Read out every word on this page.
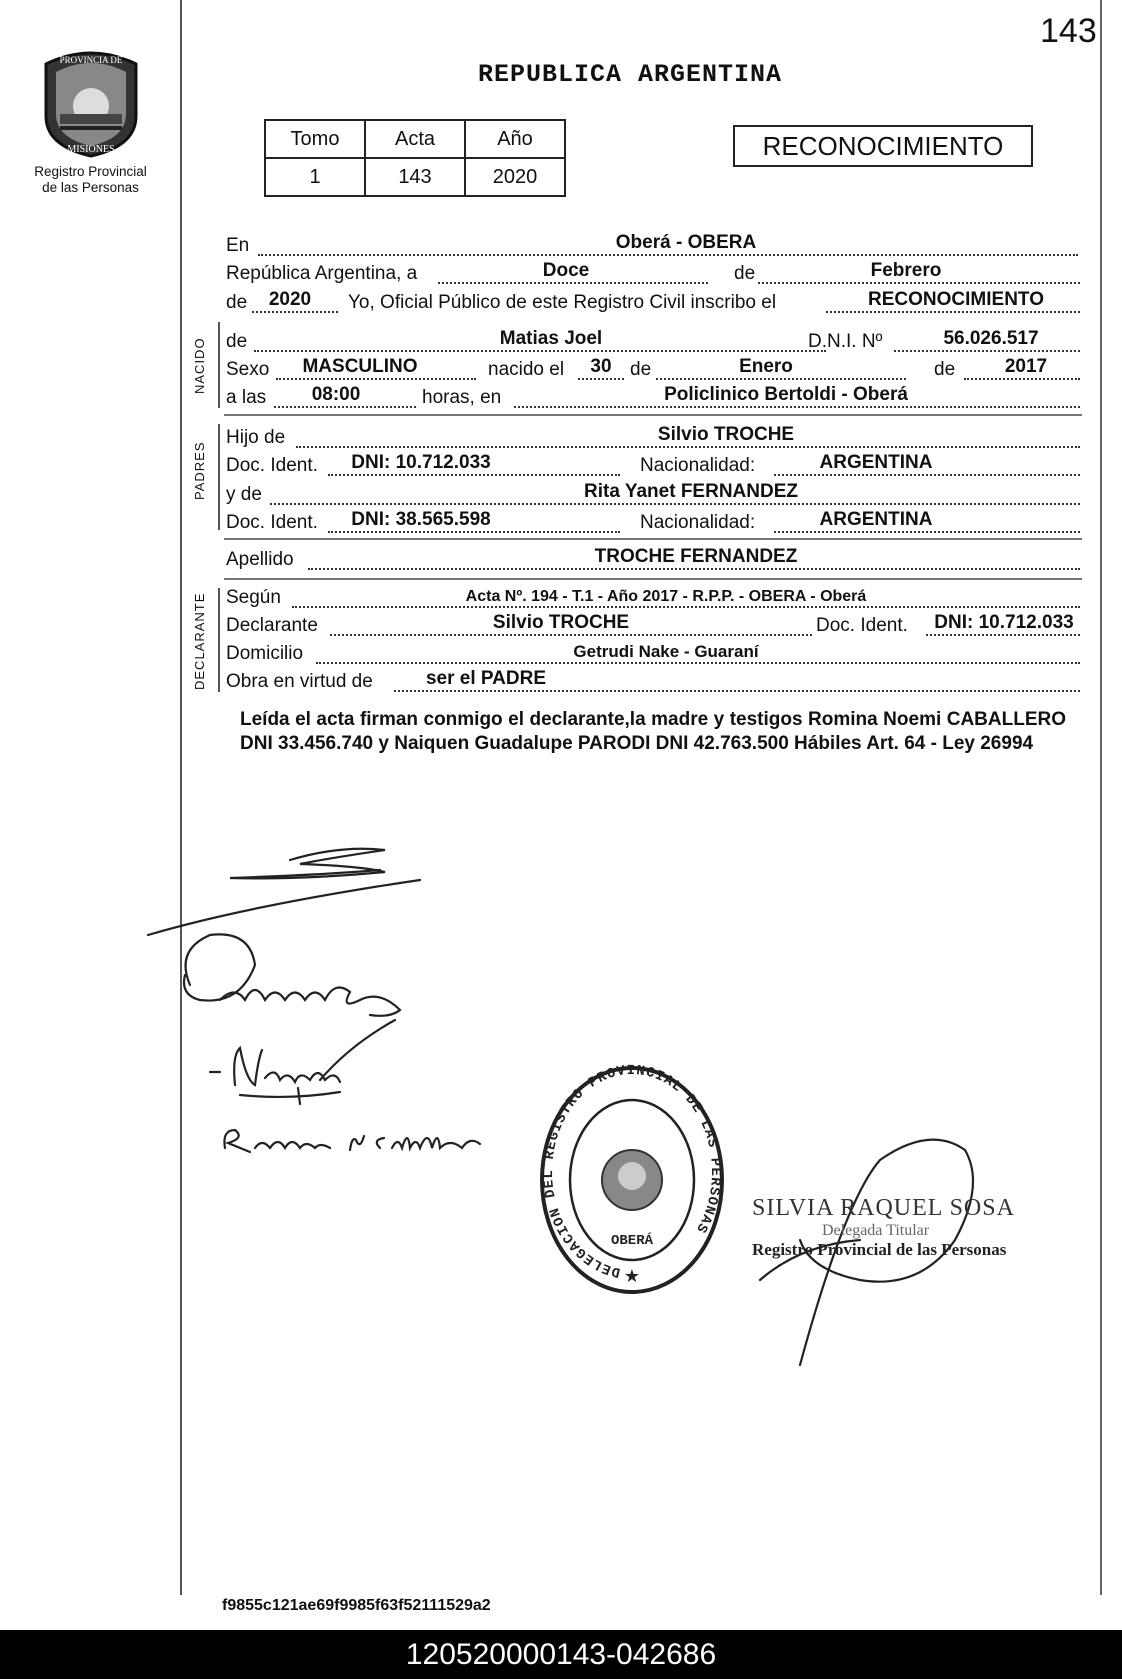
143
PROVINCIA DE
MISIONES
Registro Provincial
de las Personas
REPUBLICA ARGENTINA
Tomo	Acta	Año
1	143	2020
RECONOCIMIENTO
En	Oberá - OBERA
República Argentina, a	Doce	de	Febrero
de	2020	Yo, Oficial Público de este Registro Civil inscribo el	RECONOCIMIENTO
NACIDO de	Matias Joel	D.N.I. Nº	56.026.517
Sexo	MASCULINO	nacido el	30 de	Enero	de	2017
a las	08:00	horas, en	Policlinico Bertoldi - Oberá
PADRES
Hijo de	Silvio TROCHE
Doc. Ident.	DNI: 10.712.033	Nacionalidad:	ARGENTINA
y de	Rita Yanet FERNANDEZ
Doc. Ident.	DNI: 38.565.598	Nacionalidad:	ARGENTINA
Apellido	TROCHE FERNANDEZ
DECLARANTE Según	Acta Nº. 194 - T.1 - Año 2017 - R.P.P. - OBERA - Oberá
Declarante	Silvio TROCHE	Doc. Ident.	DNI: 10.712.033
Domicilio	Getrudi Nake - Guaraní
Obra en virtud de	ser el PADRE
Leída el acta firman conmigo el declarante,la madre y testigos Romina Noemi CABALLERO DNI 33.456.740 y Naiquen Guadalupe PARODI DNI 42.763.500 Hábiles Art. 64 - Ley 26994
DELEGACION DEL REGISTRO PROVINCIAL DE LAS PERSONAS
OBERÁ
★
SILVIA RAQUEL SOSA
Delegada Titular
Registro Provincial de las Personas
f9855c121ae69f9985f63f52111529a2
120520000143-042686
